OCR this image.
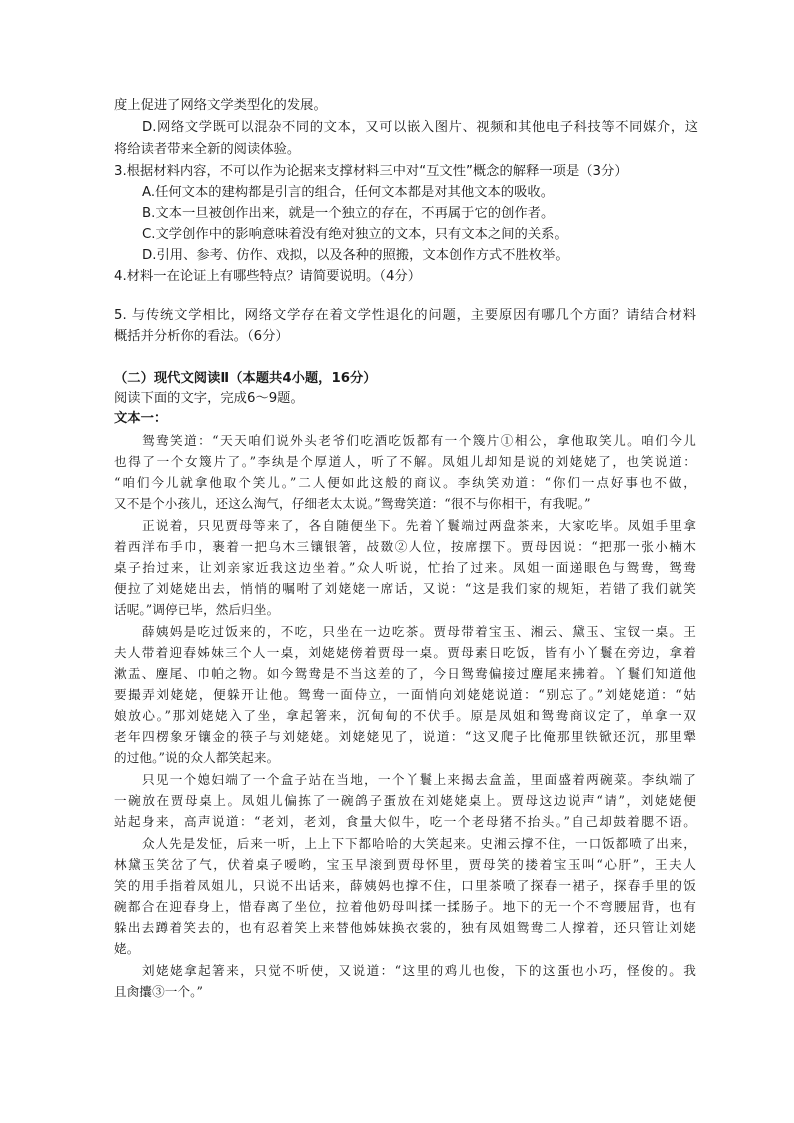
度上促进了网络文学类型化的发展。
D.网络文学既可以混杂不同的文本，又可以嵌入图片、视频和其他电子科技等不同媒介，这
将给读者带来全新的阅读体验。
3.根据材料内容，不可以作为论据来支撑材料三中对“互文性”概念的解释一项是（3分）
A.任何文本的建构都是引言的组合，任何文本都是对其他文本的吸收。
B.文本一旦被创作出来，就是一个独立的存在，不再属于它的创作者。
C.文学创作中的影响意味着没有绝对独立的文本，只有文本之间的关系。
D.引用、参考、仿作、戏拟，以及各种的照搬，文本创作方式不胜枚举。
4.材料一在论证上有哪些特点？请简要说明。（4分）
5. 与传统文学相比，网络文学存在着文学性退化的问题，主要原因有哪几个方面？请结合材料
概括并分析你的看法。（6分）
（二）现代文阅读Ⅱ（本题共4小题，16分）
阅读下面的文字，完成6～9题。
文本一：
鸳鸯笑道：“天天咱们说外头老爷们吃酒吃饭都有一个篾片①相公，拿他取笑儿。咱们今儿
也得了一个女篾片了。”李纨是个厚道人，听了不解。凤姐儿却知是说的刘姥姥了，也笑说道：
“咱们今儿就拿他取个笑儿。”二人便如此这般的商议。李纨笑劝道：“你们一点好事也不做，
又不是个小孩儿，还这么淘气，仔细老太太说。”鸳鸯笑道：“很不与你相干，有我呢。”
正说着，只见贾母等来了，各自随便坐下。先着丫鬟端过两盘茶来，大家吃毕。凤姐手里拿
着西洋布手巾，裹着一把乌木三镶银箸，敁敪②人位，按席摆下。贾母因说：“把那一张小楠木
桌子抬过来，让刘亲家近我这边坐着。”众人听说，忙抬了过来。凤姐一面递眼色与鸳鸯，鸳鸯
便拉了刘姥姥出去，悄悄的嘱咐了刘姥姥一席话，又说：“这是我们家的规矩，若错了我们就笑
话呢。”调停已毕，然后归坐。
薛姨妈是吃过饭来的，不吃，只坐在一边吃茶。贾母带着宝玉、湘云、黛玉、宝钗一桌。王
夫人带着迎春姊妹三个人一桌，刘姥姥傍着贾母一桌。贾母素日吃饭，皆有小丫鬟在旁边，拿着
漱盂、麈尾、巾帕之物。如今鸳鸯是不当这差的了，今日鸳鸯偏接过麈尾来拂着。丫鬟们知道他
要撮弄刘姥姥，便躲开让他。鸳鸯一面侍立，一面悄向刘姥姥说道：“别忘了。”刘姥姥道：“姑
娘放心。”那刘姥姥入了坐，拿起箸来，沉甸甸的不伏手。原是凤姐和鸳鸯商议定了，单拿一双
老年四楞象牙镶金的筷子与刘姥姥。刘姥姥见了，说道：“这叉爬子比俺那里铁锨还沉，那里犟
的过他。”说的众人都笑起来。
只见一个媳妇端了一个盒子站在当地，一个丫鬟上来揭去盒盖，里面盛着两碗菜。李纨端了
一碗放在贾母桌上。凤姐儿偏拣了一碗鸽子蛋放在刘姥姥桌上。贾母这边说声“请”，刘姥姥便
站起身来，高声说道：“老刘，老刘，食量大似牛，吃一个老母猪不抬头。”自己却鼓着腮不语。
众人先是发怔，后来一听，上上下下都哈哈的大笑起来。史湘云撑不住，一口饭都喷了出来，
林黛玉笑岔了气，伏着桌子嗳哟，宝玉早滚到贾母怀里，贾母笑的搂着宝玉叫“心肝”，王夫人
笑的用手指着凤姐儿，只说不出话来，薛姨妈也撑不住，口里茶喷了探春一裙子，探春手里的饭
碗都合在迎春身上，惜春离了坐位，拉着他奶母叫揉一揉肠子。地下的无一个不弯腰屈背，也有
躲出去蹲着笑去的，也有忍着笑上来替他姊妹换衣裳的，独有凤姐鸳鸯二人撑着，还只管让刘姥
姥。
刘姥姥拿起箸来，只觉不听使，又说道：“这里的鸡儿也俊，下的这蛋也小巧，怪俊的。我
且肏攮③一个。”
